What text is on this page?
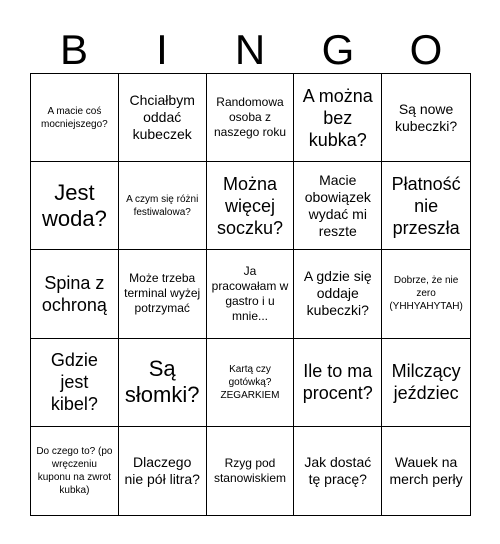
B	I	N	G	O
A macie coś mocniejszego?
Chciałbym oddać kubeczek
Randomowa osoba z naszego roku
A można bez kubka?
Są nowe kubeczki?
Jest woda?
A czym się różni festiwalowa?
Można więcej soczku?
Macie obowiązek wydać mi reszte
Płatność nie przeszła
Spina z ochroną
Może trzeba terminal wyżej potrzymać
Ja pracowałam w gastro i u mnie...
A gdzie się oddaje kubeczki?
Dobrze, że nie zero (YHHYAHYTAH)
Gdzie jest kibel?
Są słomki?
Kartą czy gotówką? ZEGARKIEM
Ile to ma procent?
Milczący jeździec
Do czego to? (po wręczeniu kuponu na zwrot kubka)
Dlaczego nie pół litra?
Rzyg pod stanowiskiem
Jak dostać tę pracę?
Wauek na merch perły
